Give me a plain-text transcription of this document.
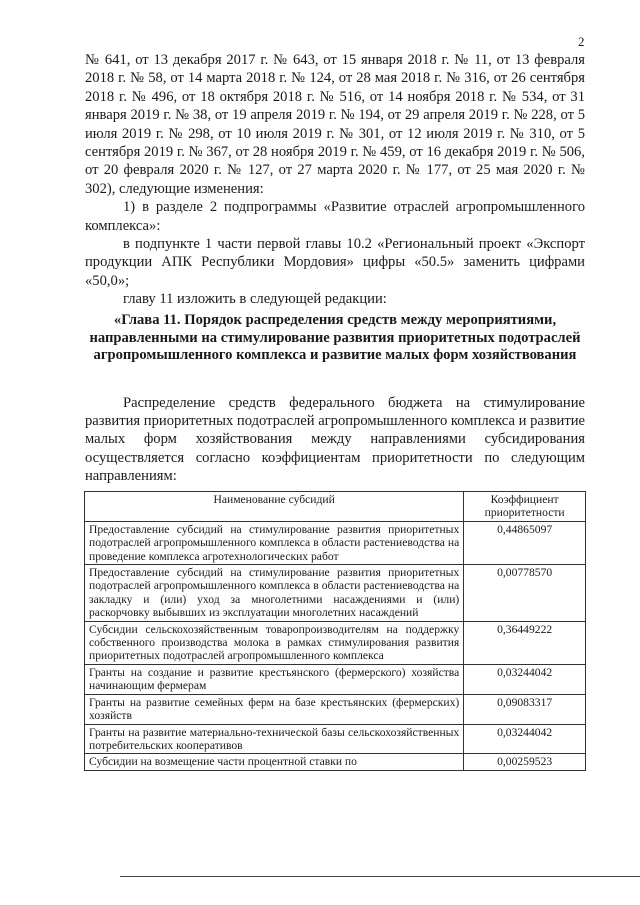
2

№ 641, от 13 декабря 2017 г. № 643, от 15 января 2018 г. № 11, от 13 февраля 2018 г. № 58, от 14 марта 2018 г. № 124, от 28 мая 2018 г. № 316, от 26 сентября 2018 г. № 496, от 18 октября 2018 г. № 516, от 14 ноября 2018 г. № 534, от 31 января 2019 г. № 38, от 19 апреля 2019 г. № 194, от 29 апреля 2019 г. № 228, от 5 июля 2019 г. № 298, от 10 июля 2019 г. № 301, от 12 июля 2019 г. № 310, от 5 сентября 2019 г. № 367, от 28 ноября 2019 г. № 459, от 16 декабря 2019 г. № 506, от 20 февраля 2020 г. № 127, от 27 марта 2020 г. № 177, от 25 мая 2020 г. № 302), следующие изменения:

1) в разделе 2 подпрограммы «Развитие отраслей агропромышленного комплекса»:

в подпункте 1 части первой главы 10.2 «Региональный проект «Экспорт продукции АПК Республики Мордовия» цифры «50.5» заменить цифрами «50,0»;

главу 11 изложить в следующей редакции:

«Глава 11. Порядок распределения средств между мероприятиями, направленными на стимулирование развития приоритетных подотраслей агропромышленного комплекса и развитие малых форм хозяйствования

Распределение средств федерального бюджета на стимулирование развития приоритетных подотраслей агропромышленного комплекса и развитие малых форм хозяйствования между направлениями субсидирования осуществляется согласно коэффициентам приоритетности по следующим направлениям:

Наименование субсидий	Коэффициент приоритетности
Предоставление субсидий на стимулирование развития приоритетных подотраслей агропромышленного комплекса в области растениеводства на проведение комплекса агротехнологических работ	0,44865097
Предоставление субсидий на стимулирование развития приоритетных подотраслей агропромышленного комплекса в области растениеводства на закладку и (или) уход за многолетними насаждениями и (или) раскорчовку выбывших из эксплуатации многолетних насаждений	0,00778570
Субсидии сельскохозяйственным товаропроизводителям на поддержку собственного производства молока в рамках стимулирования развития приоритетных подотраслей агропромышленного комплекса	0,36449222
Гранты на создание и развитие крестьянского (фермерского) хозяйства начинающим фермерам	0,03244042
Гранты на развитие семейных ферм на базе крестьянских (фермерских) хозяйств	0,09083317
Гранты на развитие материально-технической базы сельскохозяйственных потребительских кооперативов	0,03244042
Субсидии на возмещение части процентной ставки по	0,00259523
